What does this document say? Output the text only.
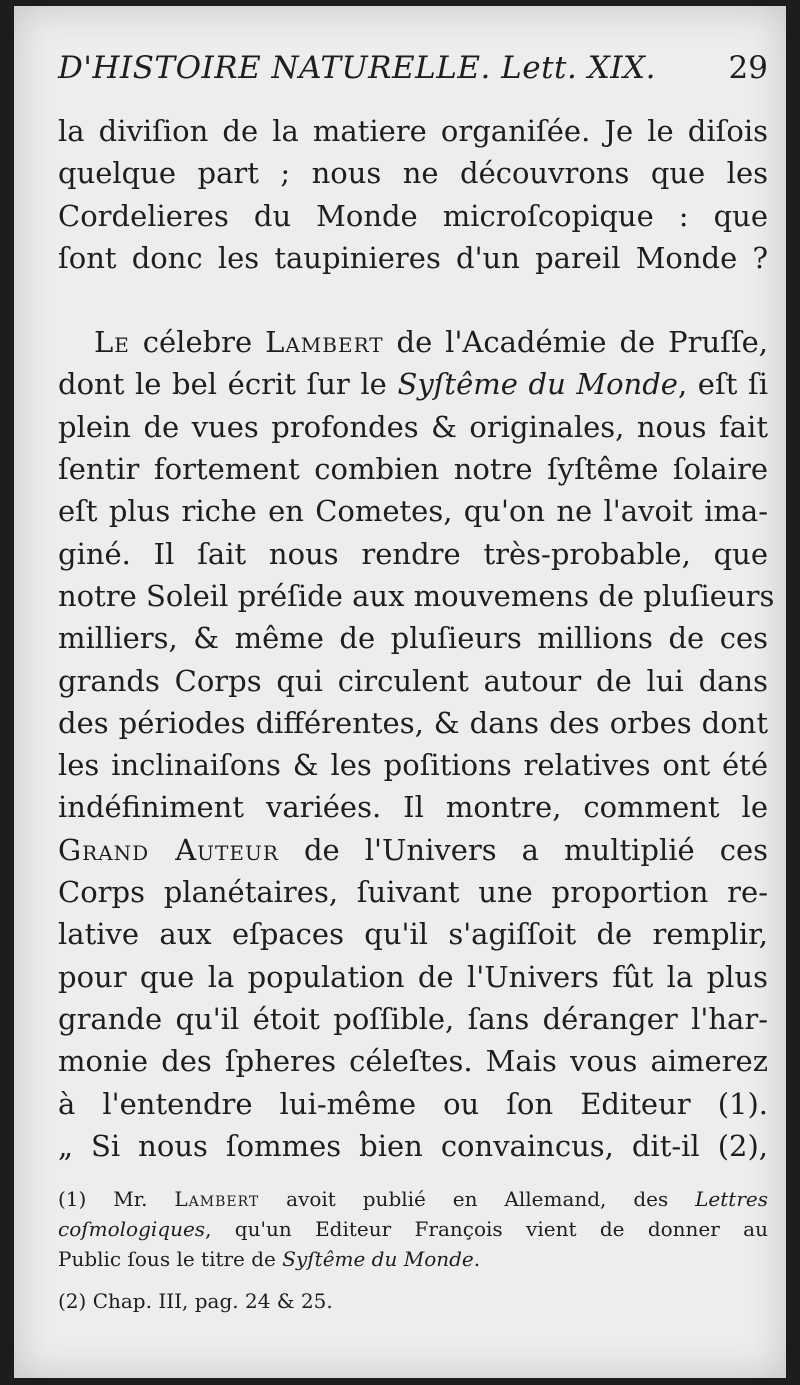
D'HISTOIRE NATURELLE. Lett. XIX. 29
la diviſion de la matiere organiſée. Je le diſois
quelque part ; nous ne découvrons que les
Cordelieres du Monde microſcopique : que
ſont donc les taupinieres d'un pareil Monde ?
Le célebre Lambert de l'Académie de Pruſſe,
dont le bel écrit ſur le Syſtême du Monde, eſt ſi
plein de vues profondes & originales, nous fait
ſentir fortement combien notre ſyſtême ſolaire
eſt plus riche en Cometes, qu'on ne l'avoit ima-
giné. Il ſait nous rendre très-probable, que
notre Soleil préſide aux mouvemens de pluſieurs
milliers, & même de pluſieurs millions de ces
grands Corps qui circulent autour de lui dans
des périodes différentes, & dans des orbes dont
les inclinaiſons & les poſitions relatives ont été
indéfiniment variées. Il montre, comment le
Grand Auteur de l'Univers a multiplié ces
Corps planétaires, ſuivant une proportion re-
lative aux eſpaces qu'il s'agiſſoit de remplir,
pour que la population de l'Univers fût la plus
grande qu'il étoit poſſible, ſans déranger l'har-
monie des ſpheres céleſtes. Mais vous aimerez
à l'entendre lui-même ou ſon Editeur (1).
„ Si nous ſommes bien convaincus, dit-il (2),
(1) Mr. Lambert avoit publié en Allemand, des Lettres
coſmologiques, qu'un Editeur François vient de donner au
Public ſous le titre de Syſtême du Monde.
(2) Chap. III, pag. 24 & 25.
